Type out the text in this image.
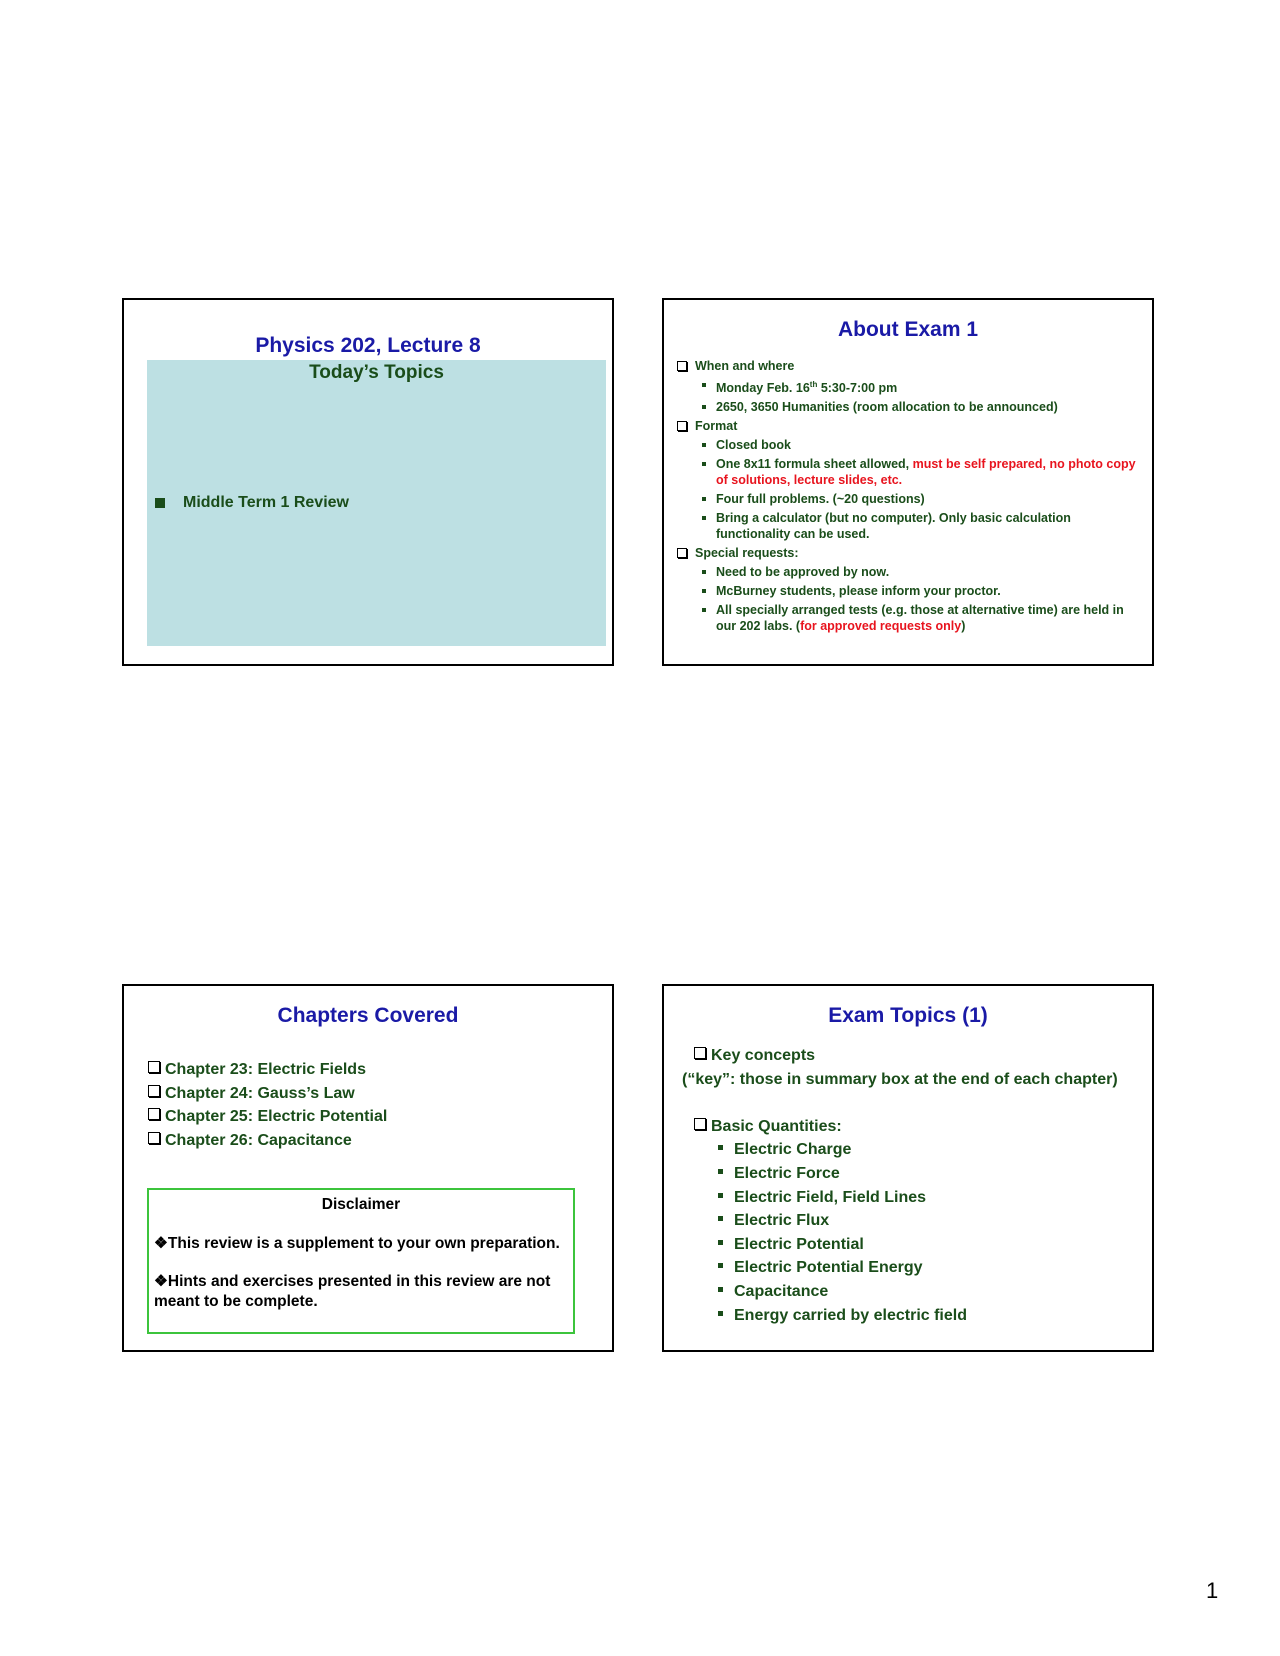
Physics 202, Lecture 8
Today’s Topics
Middle Term 1 Review
About Exam 1
When and where
Monday Feb. 16th 5:30-7:00 pm
2650, 3650 Humanities (room allocation to be announced)
Format
Closed book
One 8x11 formula sheet allowed, must be self prepared, no photo copy of solutions, lecture slides, etc.
Four full problems. (~20 questions)
Bring a calculator (but no computer). Only basic calculation functionality can be used.
Special requests:
Need to be approved by now.
McBurney students, please inform your proctor.
All specially arranged tests (e.g. those at alternative time) are held in our 202 labs. (for approved requests only)
Chapters Covered
Chapter 23: Electric Fields
Chapter 24: Gauss’s Law
Chapter 25: Electric Potential
Chapter 26: Capacitance
Disclaimer

❖This review is a supplement to your own preparation.

❖Hints and exercises presented in this review are not meant to be complete.

Exam Topics (1)
Key concepts
(“key”: those in summary box at the end of each chapter)
Basic Quantities:
Electric Charge
Electric Force
Electric Field, Field Lines
Electric Flux
Electric Potential
Electric Potential Energy
Capacitance
Energy carried by electric field
1
